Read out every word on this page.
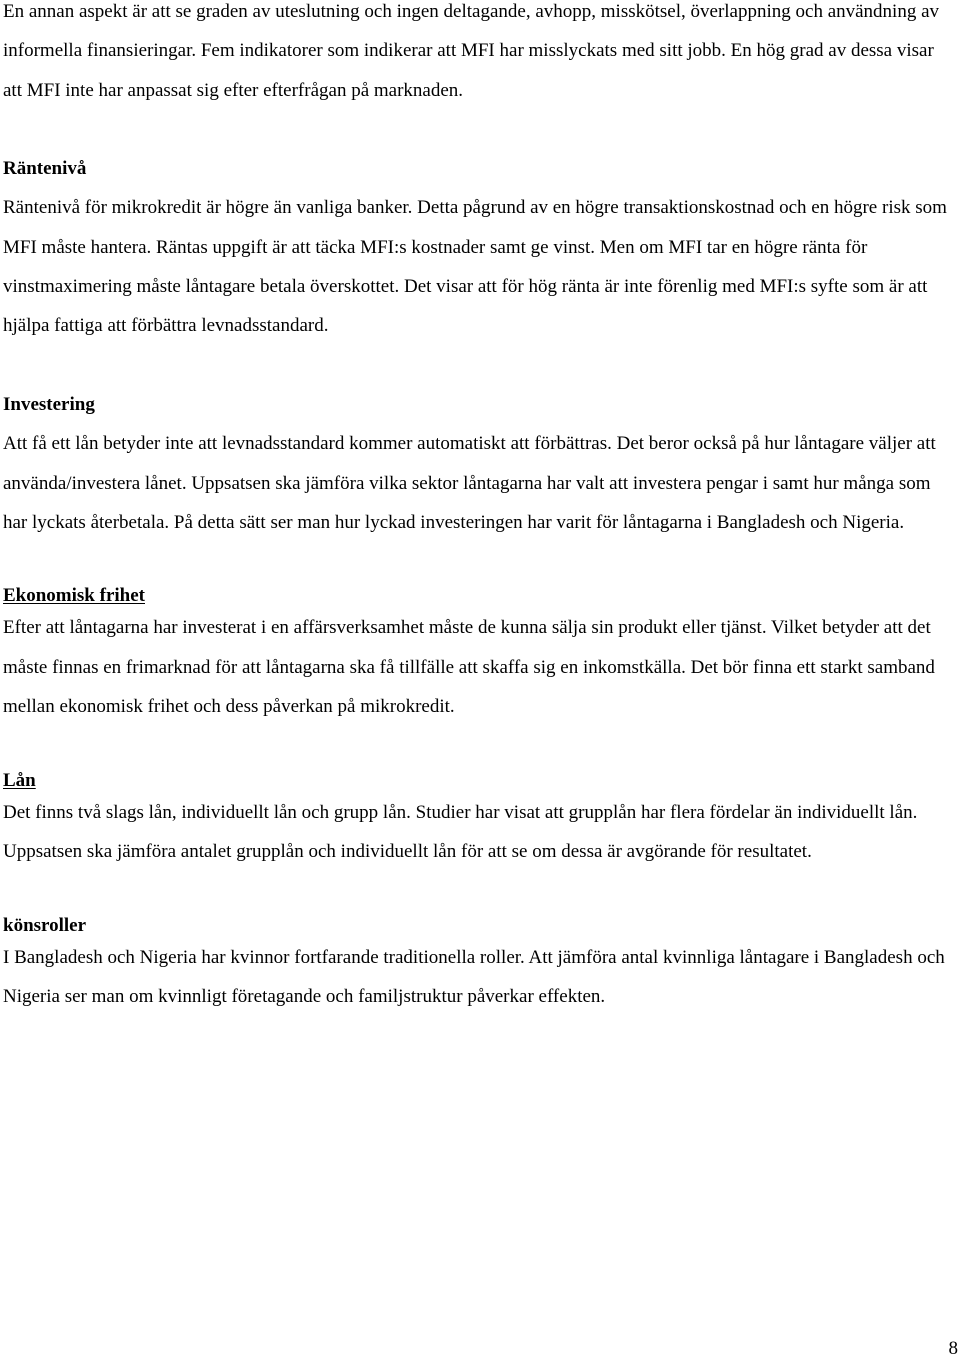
En annan aspekt är att se graden av uteslutning och ingen deltagande, avhopp, misskötsel, överlappning och användning av informella finansieringar. Fem indikatorer som indikerar att MFI har misslyckats med sitt jobb. En hög grad av dessa visar att MFI inte har anpassat sig efter efterfrågan på marknaden.

Räntenivå

Räntenivå för mikrokredit är högre än vanliga banker. Detta pågrund av en högre transaktionskostnad och en högre risk som MFI måste hantera. Räntas uppgift är att täcka MFI:s kostnader samt ge vinst. Men om MFI tar en högre ränta för vinstmaximering måste låntagare betala överskottet. Det visar att för hög ränta är inte förenlig med MFI:s syfte som är att hjälpa fattiga att förbättra levnadsstandard.

Investering

Att få ett lån betyder inte att levnadsstandard kommer automatiskt att förbättras. Det beror också på hur låntagare väljer att använda/investera lånet. Uppsatsen ska jämföra vilka sektor låntagarna har valt att investera pengar i samt hur många som har lyckats återbetala. På detta sätt ser man hur lyckad investeringen har varit för låntagarna i Bangladesh och Nigeria.

Ekonomisk frihet

Efter att låntagarna har investerat i en affärsverksamhet måste de kunna sälja sin produkt eller tjänst. Vilket betyder att det måste finnas en frimarknad för att låntagarna ska få tillfälle att skaffa sig en inkomstkälla. Det bör finna ett starkt samband mellan ekonomisk frihet och dess påverkan på mikrokredit.

Lån

Det finns två slags lån, individuellt lån och grupp lån. Studier har visat att grupplån har flera fördelar än individuellt lån. Uppsatsen ska jämföra antalet grupplån och individuellt lån för att se om dessa är avgörande för resultatet.

könsroller

I Bangladesh och Nigeria har kvinnor fortfarande traditionella roller. Att jämföra antal kvinnliga låntagare i Bangladesh och Nigeria ser man om kvinnligt företagande och familjstruktur påverkar effekten.

8
